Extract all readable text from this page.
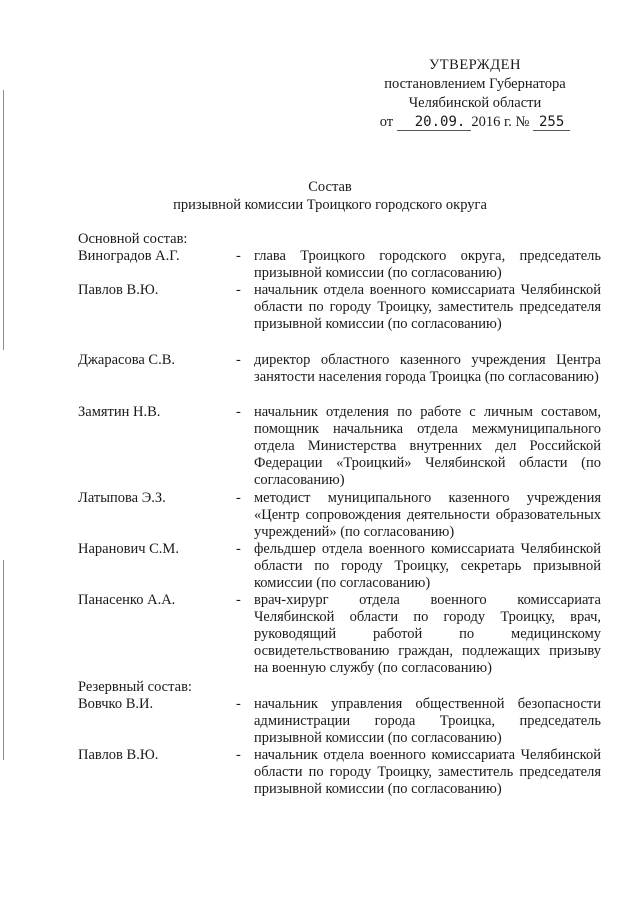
УТВЕРЖДЕН
постановлением Губернатора
Челябинской области
от 20.09. 2016 г. № 255
Состав
призывной комиссии Троицкого городского округа
Основной состав:
Виноградов А.Г.	- глава Троицкого городского округа, председатель призывной комиссии (по согласованию)
Павлов В.Ю.	- начальник отдела военного комиссариата Челябинской области по городу Троицку, заместитель председателя призывной комиссии (по согласованию)
Джарасова С.В.	- директор областного казенного учреждения Центра занятости населения города Троицка (по согласованию)
Замятин Н.В.	- начальник отделения по работе с личным составом, помощник начальника отдела межмуниципального отдела Министерства внутренних дел Российской Федерации «Троицкий» Челябинской области (по согласованию)
Латыпова Э.З.	- методист муниципального казенного учреждения «Центр сопровождения деятельности образовательных учреждений» (по согласованию)
Наранович С.М.	- фельдшер отдела военного комиссариата Челябинской области по городу Троицку, секретарь призывной комиссии (по согласованию)
Панасенко А.А.	- врач-хирург отдела военного комиссариата Челябинской области по городу Троицку, врач, руководящий работой по медицинскому освидетельствованию граждан, подлежащих призыву на военную службу (по согласованию)
Резервный состав:
Вовчко В.И.	- начальник управления общественной безопасности администрации города Троицка, председатель призывной комиссии (по согласованию)
Павлов В.Ю.	- начальник отдела военного комиссариата Челябинской области по городу Троицку, заместитель председателя призывной комиссии (по согласованию)
